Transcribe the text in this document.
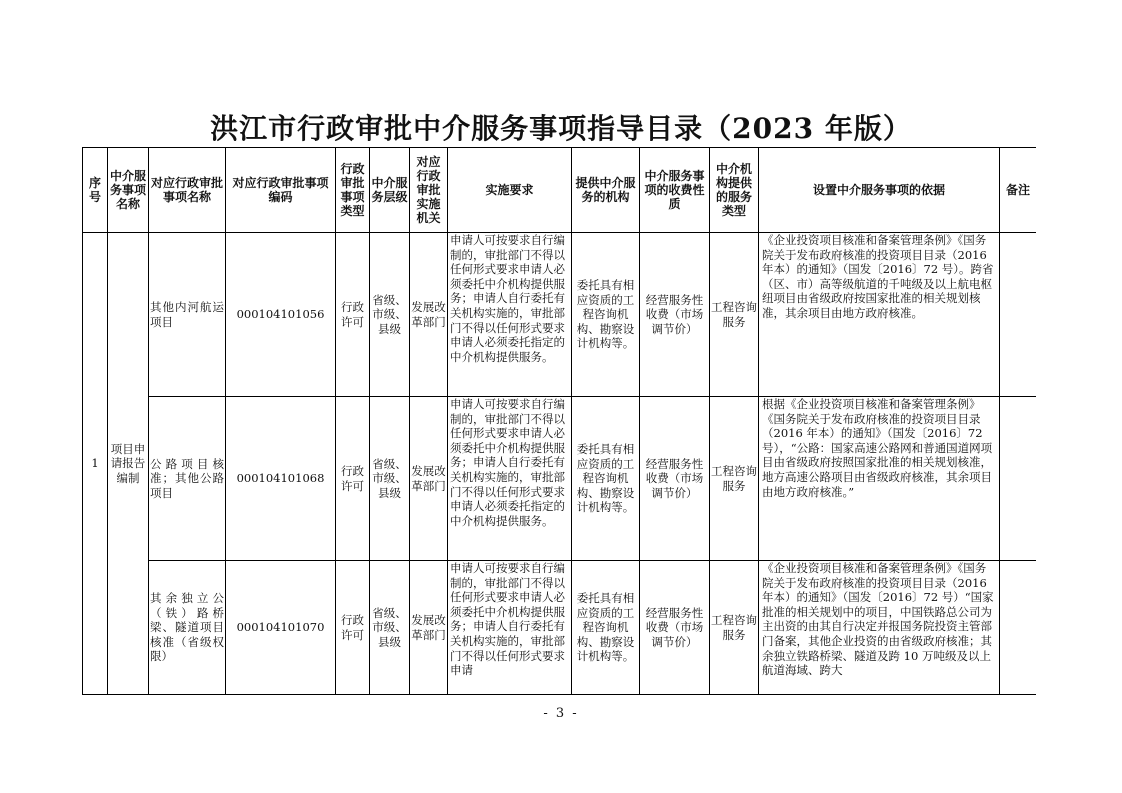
洪江市行政审批中介服务事项指导目录（2023 年版）
序号	中介服务事项名称	对应行政审批事项名称	对应行政审批事项编码	行政审批事项类型	中介服务层级	对应行政审批实施机关	实施要求	提供中介服务的机构	中介服务事项的收费性质	中介机构提供的服务类型	设置中介服务事项的依据	备注
1	项目申请报告编制	其他内河航运项目	000104101056	行政许可	省级、市级、县级	发展改革部门	申请人可按要求自行编制的，审批部门不得以任何形式要求申请人必须委托中介机构提供服务；申请人自行委托有关机构实施的，审批部门不得以任何形式要求申请人必须委托指定的中介机构提供服务。	委托具有相应资质的工程咨询机构、勘察设计机构等。	经营服务性收费（市场调节价）	工程咨询服务	《企业投资项目核准和备案管理条例》《国务院关于发布政府核准的投资项目目录（2016 年本）的通知》（国发〔2016〕72 号）。跨省（区、市）高等级航道的千吨级及以上航电枢纽项目由省级政府按国家批准的相关规划核准，其余项目由地方政府核准。	
		公路项目核准；其他公路项目	000104101068	行政许可	省级、市级、县级	发展改革部门	申请人可按要求自行编制的，审批部门不得以任何形式要求申请人必须委托中介机构提供服务；申请人自行委托有关机构实施的，审批部门不得以任何形式要求申请人必须委托指定的中介机构提供服务。	委托具有相应资质的工程咨询机构、勘察设计机构等。	经营服务性收费（市场调节价）	工程咨询服务	根据《企业投资项目核准和备案管理条例》《国务院关于发布政府核准的投资项目目录（2016 年本）的通知》（国发〔2016〕72 号），“公路：国家高速公路网和普通国道网项目由省级政府按照国家批准的相关规划核准，地方高速公路项目由省级政府核准，其余项目由地方政府核准。”	
		其余独立公（铁）路桥梁、隧道项目核准（省级权限）	000104101070	行政许可	省级、市级、县级	发展改革部门	申请人可按要求自行编制的，审批部门不得以任何形式要求申请人必须委托中介机构提供服务；申请人自行委托有关机构实施的，审批部门不得以任何形式要求申请	委托具有相应资质的工程咨询机构、勘察设计机构等。	经营服务性收费（市场调节价）	工程咨询服务	《企业投资项目核准和备案管理条例》《国务院关于发布政府核准的投资项目目录（2016 年本）的通知》（国发〔2016〕72 号）“国家批准的相关规划中的项目，中国铁路总公司为主出资的由其自行决定并报国务院投资主管部门备案，其他企业投资的由省级政府核准；其余独立铁路桥梁、隧道及跨 10 万吨级及以上航道海域、跨大	
- 3 -
